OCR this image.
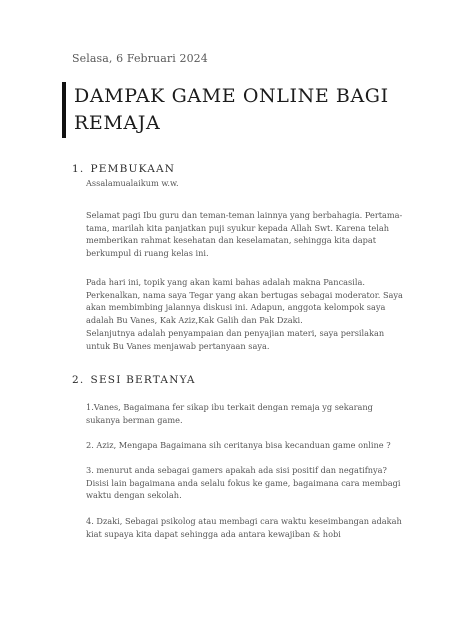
Selasa, 6 Februari 2024
DAMPAK GAME ONLINE BAGI
REMAJA
1. PEMBUKAAN
Assalamualaikum w.w.
Selamat pagi Ibu guru dan teman-teman lainnya yang berbahagia. Pertama-tama, marilah kita panjatkan puji syukur kepada Allah Swt. Karena telah memberikan rahmat kesehatan dan keselamatan, sehingga kita dapat berkumpul di ruang kelas ini.
Pada hari ini, topik yang akan kami bahas adalah makna Pancasila. Perkenalkan, nama saya Tegar yang akan bertugas sebagai moderator. Saya akan membimbing jalannya diskusi ini. Adapun, anggota kelompok saya adalah Bu Vanes, Kak Aziz,Kak Galih dan Pak Dzaki.
Selanjutnya adalah penyampaian dan penyajian materi, saya persilakan untuk Bu Vanes menjawab pertanyaan saya.
2. SESI BERTANYA
1.Vanes, Bagaimana fer sikap ibu terkait dengan remaja yg sekarang sukanya berman game.
2. Aziz, Mengapa Bagaimana sih ceritanya bisa kecanduan game online ?
3. menurut anda sebagai gamers apakah ada sisi positif dan negatifnya? Disisi lain bagaimana anda selalu fokus ke game, bagaimana cara membagi waktu dengan sekolah.
4. Dzaki, Sebagai psikolog atau membagi cara waktu keseimbangan adakah kiat supaya kita dapat sehingga ada antara kewajiban & hobi
